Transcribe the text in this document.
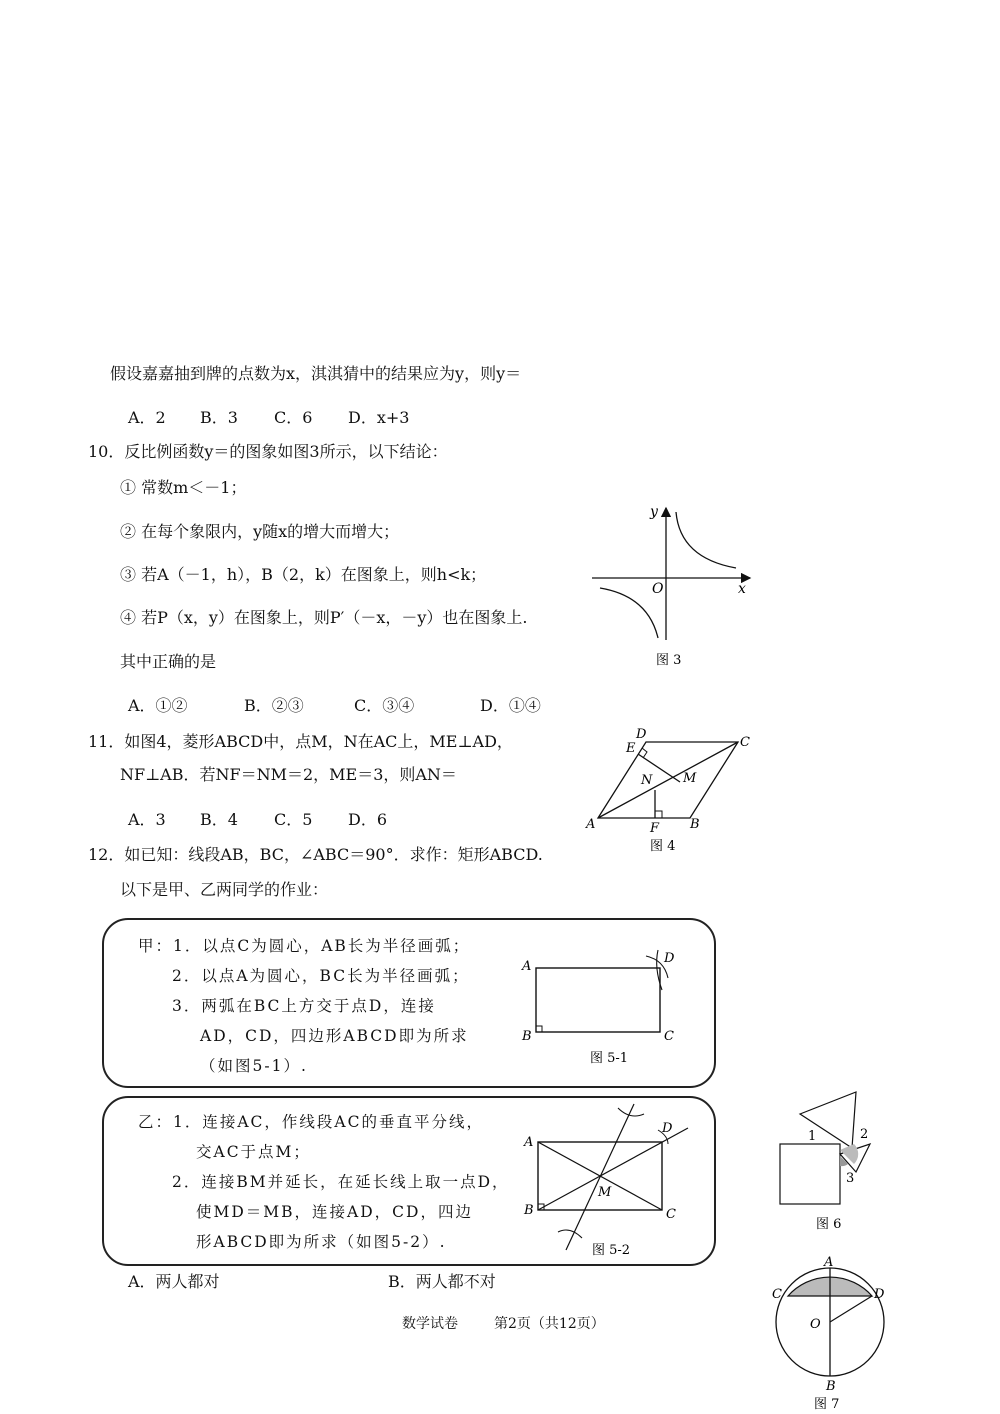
假设嘉嘉抽到牌的点数为x，淇淇猜中的结果应为y，则y＝
A．2 B．3 C．6 D．x+3
10．反比例函数y＝的图象如图3所示，以下结论：
① 常数m＜－1；
② 在每个象限内，y随x的增大而增大；
③ 若A（－1，h），B（2，k）在图象上，则h<k；
④ 若P（x，y）在图象上，则P′（－x，－y）也在图象上.
其中正确的是
A．①②	B．②③	C．③④	D．①④
y
x
O
图 3
11．如图4，菱形ABCD中，点M，N在AC上，ME⊥AD，
NF⊥AB．若NF＝NM＝2，ME＝3，则AN＝
A．3 B．4 C．5 D．6	A	B
C
D
E
F
M
N
图 4
12．如已知：线段AB，BC，∠ABC＝90°．求作：矩形ABCD.
以下是甲、乙两同学的作业：
甲：1．以点C为圆心，AB长为半径画弧；
2．以点A为圆心，BC长为半径画弧；
3．两弧在BC上方交于点D，连接
AD，CD，四边形ABCD即为所求
（如图5-1）.
A
B	C
D
图 5-1
乙：1．连接AC，作线段AC的垂直平分线，
交AC于点M；
2．连接BM并延长，在延长线上取一点D，
使MD＝MB，连接AD，CD，四边
形ABCD即为所求（如图5-2）.
A
B	C
D
M
图 5-2
A．两人都对	B．两人都不对
1	2
3
图 6
A
B
C	D
O
图 7
数学试卷	第2页（共12页）
